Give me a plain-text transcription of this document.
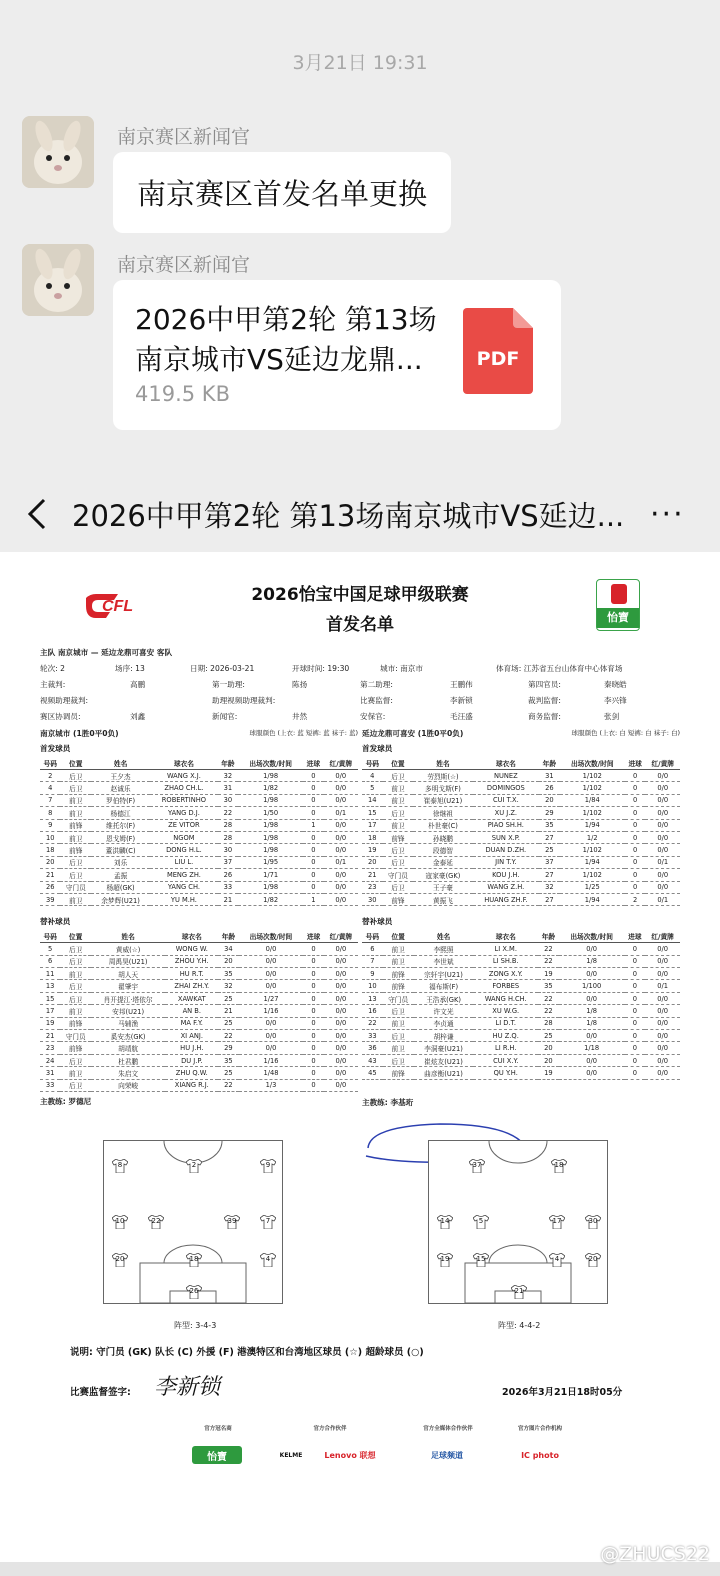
3月21日 19:31
南京赛区新闻官
南京赛区首发名单更换
南京赛区新闻官
2026中甲第2轮 第13场 南京城市VS延边龙鼎...
419.5 KB
PDF
2026中甲第2轮 第13场南京城市VS延边... ···
CFL
2026怡宝中国足球甲级联赛
首发名单	怡寶
主队 南京城市 — 延边龙鼎可喜安 客队
轮次: 2	场序: 13	日期: 2026-03-21	开球时间: 19:30	城市: 南京市	体育场: 江苏省五台山体育中心体育场
主裁判:	高鹏	第一助理:	陈扬	第二助理:	王鹏伟	第四官员:	秦晓皓
视频助理裁判:	助理视频助理裁判:	比赛监督:	李新锁	裁判监督:	李兴锋
赛区协调员:	刘鑫	新闻官:	井然	安保官:	毛汪盛	商务监督:	张剑
南京城市 (1胜0平0负)	球服颜色 (上衣: 蓝 短裤: 蓝 袜子: 蓝)
首发球员
号码	位置	姓名	球衣名	年龄	出场次数/时间	进球	红/黄牌
2	后卫	王夕杰	WANG X.J.	32	1/98	0	0/0
4	后卫	赵诚乐	ZHAO CH.L.	31	1/82	0	0/0
7	前卫	罗伯特(F)	ROBERTINHO	30	1/98	0	0/0
8	前卫	杨德江	YANG D.J.	22	1/50	0	0/1
9	前锋	维托尔(F)	ZE VITOR	28	1/98	1	0/0
10	前卫	恩戈姆(F)	NGOM	28	1/98	0	0/0
18	前锋	董洪麟(C)	DONG H.L.	30	1/98	0	0/0
20	后卫	刘乐	LIU L.	37	1/95	0	0/1
21	后卫	孟振	MENG ZH.	26	1/71	0	0/0
26	守门员	杨超(GK)	YANG CH.	33	1/98	0	0/0
39	前卫	余梦辉(U21)	YU M.H.	21	1/82	1	0/0
替补球员
号码	位置	姓名	球衣名	年龄	出场次数/时间	进球	红/黄牌
5	后卫	黄威(☆)	WONG W.	34	0/0	0	0/0
6	后卫	周禹昊(U21)	ZHOU Y.H.	20	0/0	0	0/0
11	前卫	胡人天	HU R.T.	35	0/0	0	0/0
13	后卫	翟肇宇	ZHAI ZH.Y.	32	0/0	0	0/0
15	后卫	肖开提江·塔依尔	XAWKAT	25	1/27	0	0/0
17	前卫	安邦(U21)	AN B.	21	1/16	0	0/0
19	前锋	马辅渔	MA F.Y.	25	0/0	0	0/0
21	守门员	奚安杰(GK)	XI ANJ.	22	0/0	0	0/0
23	前锋	胡靖航	HU J.H.	29	0/0	0	0/0
24	后卫	杜君鹏	DU J.P.	35	1/16	0	0/0
31	前卫	朱启文	ZHU Q.W.	25	1/48	0	0/0
33	后卫	向荣峻	XIANG R.J.	22	1/3	0	0/0
主教练: 罗德尼
延边龙鼎可喜安 (1胜0平0负)	球服颜色 (上衣: 白 短裤: 白 袜子: 白)
首发球员
号码	位置	姓名	球衣名	年龄	出场次数/时间	进球	红/黄牌
4	后卫	劳烈斯(☆)	NUNEZ	31	1/102	0	0/0
5	前卫	多明戈斯(F)	DOMINGOS	26	1/102	0	0/0
14	前卫	崔泰旭(U21)	CUI T.X.	20	1/84	0	0/0
15	后卫	徐继祖	XU J.Z.	29	1/102	0	0/0
17	前卫	朴世豪(C)	PIAO SH.H.	35	1/94	0	0/0
18	前锋	孙晓鹏	SUN X.P.	27	1/2	0	0/0
19	后卫	段德智	DUAN D.ZH.	25	1/102	0	0/0
20	后卫	金泰延	JIN T.Y.	37	1/94	0	0/1
21	守门员	寇家豪(GK)	KOU J.H.	27	1/102	0	0/0
23	后卫	王子豪	WANG Z.H.	32	1/25	0	0/0
30	前锋	黄振飞	HUANG ZH.F.	27	1/94	2	0/1
替补球员
号码	位置	姓名	球衣名	年龄	出场次数/时间	进球	红/黄牌
6	前卫	李熙照	LI X.M.	22	0/0	0	0/0
7	前卫	李世斌	LI SH.B.	22	1/8	0	0/0
9	前锋	宗轩宇(U21)	ZONG X.Y.	19	0/0	0	0/0
10	前锋	福布斯(F)	FORBES	35	1/100	0	0/1
13	守门员	王浩承(GK)	WANG H.CH.	22	0/0	0	0/0
16	后卫	许文光	XU W.G.	22	1/8	0	0/0
22	前卫	李贞通	LI D.T.	28	1/8	0	0/0
33	后卫	胡梓谦	HU Z.Q.	25	0/0	0	0/0
36	前卫	李洞豪(U21)	LI R.H.	20	1/18	0	0/0
43	后卫	崔炫友(U21)	CUI X.Y.	20	0/0	0	0/0
45	前锋	曲彦衡(U21)	QU Y.H.	19	0/0	0	0/0
主教练: 李基珩
8	2	9
10	22	39	7
20	18	4
26
阵型: 3-4-3
37	18
14	5	17	30
19	15	4	20
21
阵型: 4-4-2
说明: 守门员 (GK) 队长 (C) 外援 (F) 港澳特区和台湾地区球员 (☆) 超龄球员 (○)
比赛监督签字: 李新锁	2026年3月21日18时05分
官方冠名商	官方合作伙伴	官方全媒体合作伙伴	官方图片合作机构
怡寶	KELME	Lenovo 联想	足球频道	IC photo
@ZHUCS22
